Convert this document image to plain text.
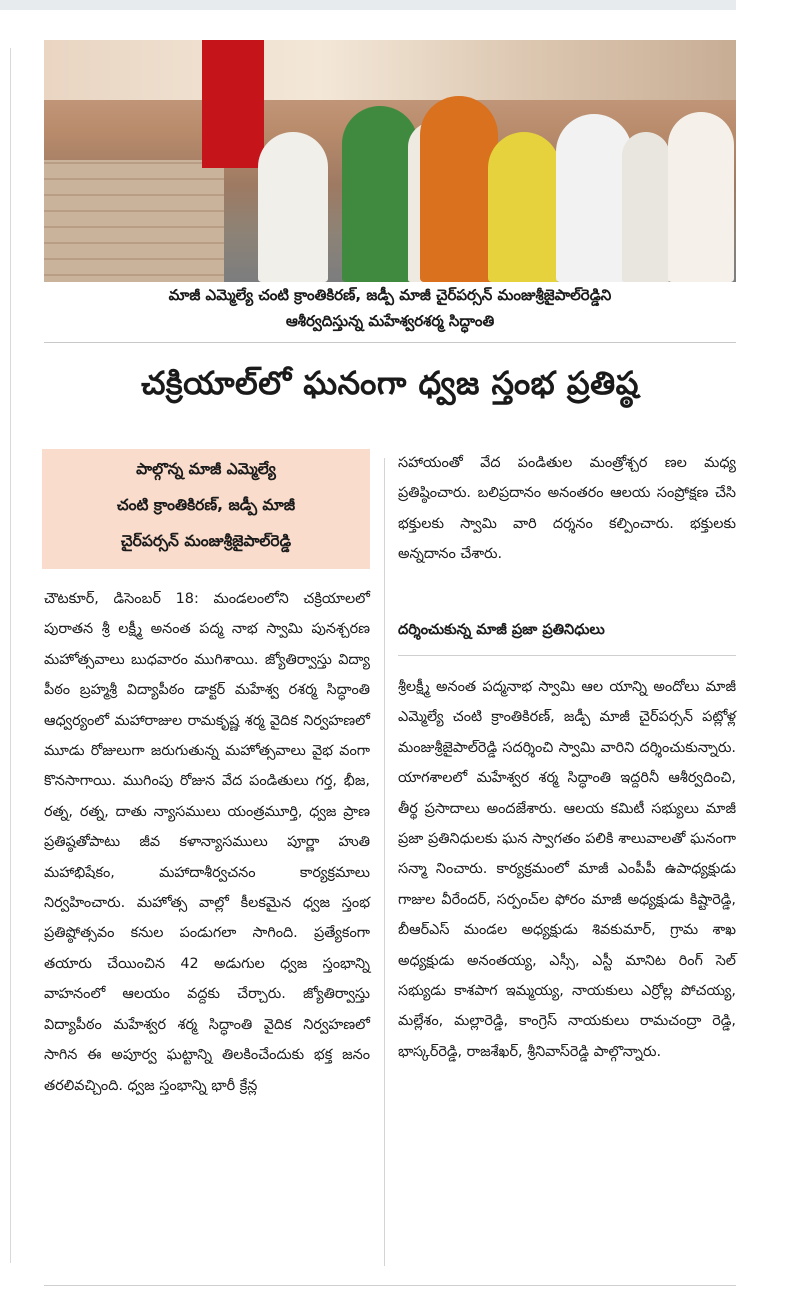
మాజీ ఎమ్మెల్యే చంటి క్రాంతికిరణ్‌, జడ్పీ మాజీ చైర్‌పర్సన్‌ మంజుశ్రీజైపాల్‌రెడ్డిని
ఆశీర్వదిస్తున్న మహేశ్వరశర్మ సిద్ధాంతి
చక్రియాల్‌లో ఘనంగా ధ్వజ స్తంభ ప్రతిష్ఠ
పాల్గొన్న మాజీ ఎమ్మెల్యే
చంటి క్రాంతికిరణ్‌, జడ్పీ మాజీ
చైర్‌పర్సన్‌ మంజుశ్రీజైపాల్‌రెడ్డి
చౌటకూర్‌, డిసెంబర్‌ 18: మండలంలోని చక్రియాలలో పురాతన శ్రీ లక్ష్మీ అనంత పద్మ నాభ స్వామి పునశ్చరణ మహోత్సవాలు బుధవారం ముగిశాయి. జ్యోతిర్వాస్తు విద్యా పీఠం బ్రహ్మశ్రీ విద్యాపీఠం డాక్టర్‌ మహేశ్వ రశర్మ సిద్ధాంతి ఆధ్వర్యంలో మహారాజుల రామకృష్ణ శర్మ వైదిక నిర్వహణలో మూడు రోజులుగా జరుగుతున్న మహోత్సవాలు వైభ వంగా కొనసాగాయి. ముగింపు రోజున వేద పండితులు గర్త, భీజ, రత్న, రత్న, దాతు న్యాసములు యంత్రమూర్తి, ధ్వజ ప్రాణ ప్రతిష్ఠతోపాటు జీవ కళాన్యాసములు పూర్ణా హుతి మహాభిషేకం, మహాదాశీర్వచనం కార్యక్రమాలు నిర్వహించారు. మహోత్స వాల్లో కీలకమైన ధ్వజ స్తంభ ప్రతిష్ఠోత్సవం కనుల పండుగలా సాగింది. ప్రత్యేకంగా తయారు చేయించిన 42 అడుగుల ధ్వజ స్తంభాన్ని వాహనంలో ఆలయం వద్దకు చేర్చారు. జ్యోతిర్వాస్తు విద్యాపీఠం మహేశ్వర శర్మ సిద్ధాంతి వైదిక నిర్వహణలో సాగిన ఈ అపూర్వ ఘట్టాన్ని తిలకించేందుకు భక్త జనం తరలివచ్చింది. ధ్వజ స్తంభాన్ని భారీ క్రేన్ల
సహాయంతో వేద పండితుల మంత్రోశ్చర ణల మధ్య ప్రతిష్ఠించారు. బలిప్రదానం అనంతరం ఆలయ సంప్రోక్షణ చేసి భక్తులకు స్వామి వారి దర్శనం కల్పించారు. భక్తులకు అన్నదానం చేశారు.
దర్శించుకున్న మాజీ ప్రజా ప్రతినిధులు
శ్రీలక్ష్మీ అనంత పద్మనాభ స్వామి ఆల యాన్ని అందోలు మాజీ ఎమ్మెల్యే చంటి క్రాంతికిరణ్‌, జడ్పీ మాజీ చైర్‌పర్సన్‌ పట్లోళ్ల మంజుశ్రీజైపాల్‌రెడ్డి సదర్శించి స్వామి వారిని దర్శించుకున్నారు. యాగశాలలో మహేశ్వర శర్మ సిద్ధాంతి ఇద్దరినీ ఆశీర్వదించి, తీర్థ ప్రసాదాలు అందజేశారు. ఆలయ కమిటీ సభ్యులు మాజీ ప్రజా ప్రతినిధులకు ఘన స్వాగతం పలికి శాలువాలతో ఘనంగా సన్మా నించారు. కార్యక్రమంలో మాజీ ఎంపీపీ ఉపాధ్యక్షుడు గాజుల వీరేందర్‌, సర్పంచ్‌ల ఫోరం మాజీ అధ్యక్షుడు కిష్టారెడ్డి, బీఆర్‌ఎస్‌ మండల అధ్యక్షుడు శివకుమార్‌, గ్రామ శాఖ అధ్యక్షుడు అనంతయ్య, ఎస్సీ, ఎస్టీ మానిట రింగ్‌ సెల్‌ సభ్యుడు కాశపాగ ఇమ్మయ్య, నాయకులు ఎర్రోల్ల పోచయ్య, మల్లేశం, మల్లారెడ్డి, కాంగ్రెస్‌ నాయకులు రామచంద్రా రెడ్డి, భాస్కర్‌రెడ్డి, రాజశేఖర్‌, శ్రీనివాస్‌రెడ్డి పాల్గొన్నారు.
